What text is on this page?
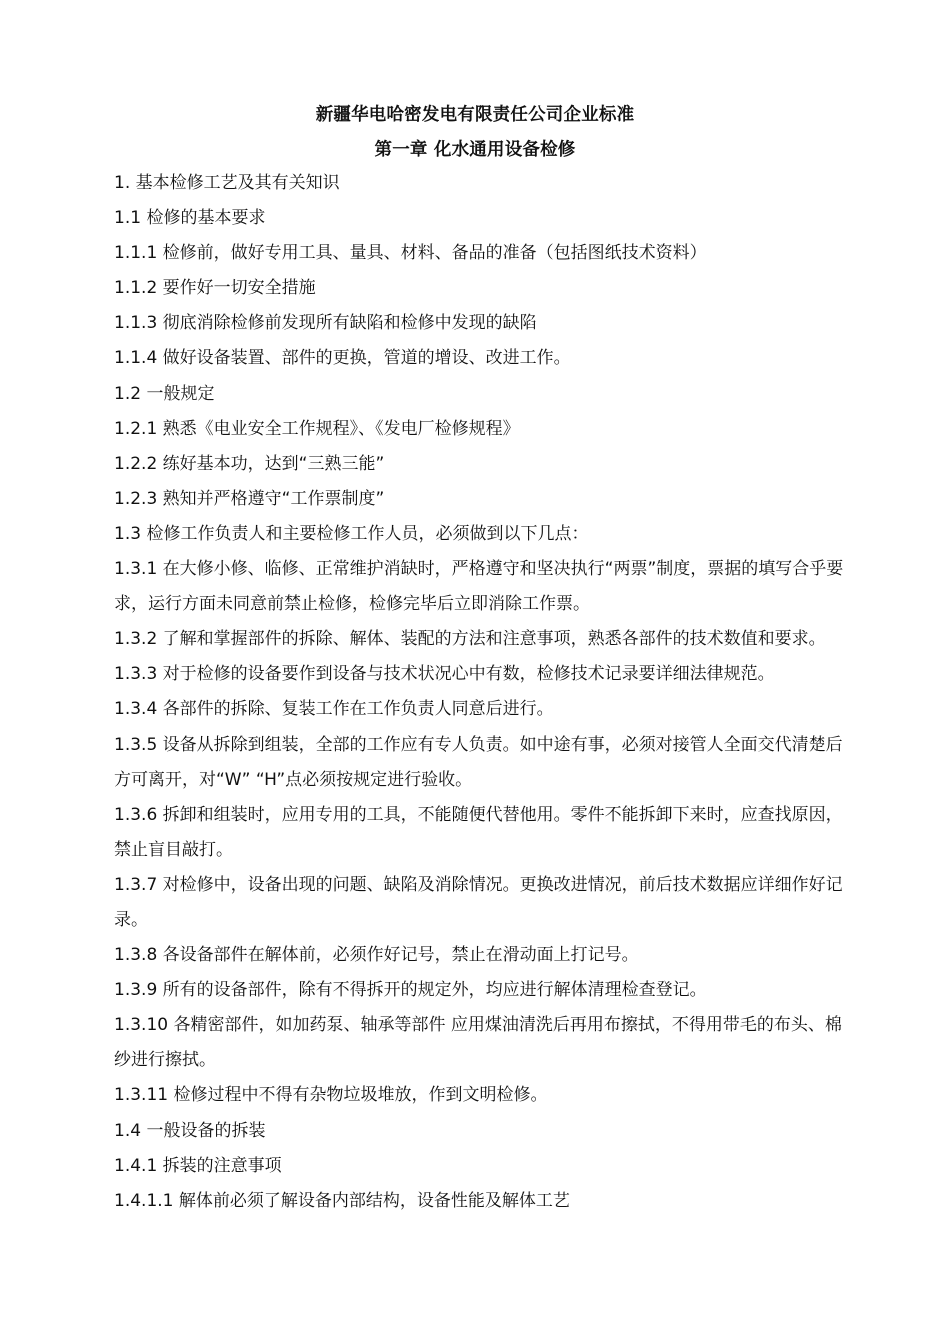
新疆华电哈密发电有限责任公司企业标准
第一章 化水通用设备检修

1. 基本检修工艺及其有关知识

1.1 检修的基本要求

1.1.1 检修前，做好专用工具、量具、材料、备品的准备（包括图纸技术资料）

1.1.2 要作好一切安全措施

1.1.3 彻底消除检修前发现所有缺陷和检修中发现的缺陷

1.1.4 做好设备装置、部件的更换，管道的增设、改进工作。

1.2 一般规定

1.2.1 熟悉《电业安全工作规程》、《发电厂检修规程》

1.2.2 练好基本功，达到“三熟三能”

1.2.3 熟知并严格遵守“工作票制度”

1.3 检修工作负责人和主要检修工作人员，必须做到以下几点：

1.3.1 在大修小修、临修、正常维护消缺时，严格遵守和坚决执行“两票”制度，票据的填写合乎要求，运行方面未同意前禁止检修，检修完毕后立即消除工作票。

1.3.2 了解和掌握部件的拆除、解体、装配的方法和注意事项，熟悉各部件的技术数值和要求。

1.3.3 对于检修的设备要作到设备与技术状况心中有数，检修技术记录要详细法律规范。

1.3.4 各部件的拆除、复装工作在工作负责人同意后进行。

1.3.5 设备从拆除到组装，全部的工作应有专人负责。如中途有事，必须对接管人全面交代清楚后方可离开，对“W” “H”点必须按规定进行验收。

1.3.6 拆卸和组装时，应用专用的工具，不能随便代替他用。零件不能拆卸下来时，应查找原因，禁止盲目敲打。

1.3.7 对检修中，设备出现的问题、缺陷及消除情况。更换改进情况，前后技术数据应详细作好记录。

1.3.8 各设备部件在解体前，必须作好记号，禁止在滑动面上打记号。

1.3.9 所有的设备部件，除有不得拆开的规定外，均应进行解体清理检查登记。

1.3.10 各精密部件，如加药泵、轴承等部件 应用煤油清洗后再用布擦拭，不得用带毛的布头、棉纱进行擦拭。

1.3.11 检修过程中不得有杂物垃圾堆放，作到文明检修。

1.4 一般设备的拆装

1.4.1 拆装的注意事项

1.4.1.1 解体前必须了解设备内部结构，设备性能及解体工艺
